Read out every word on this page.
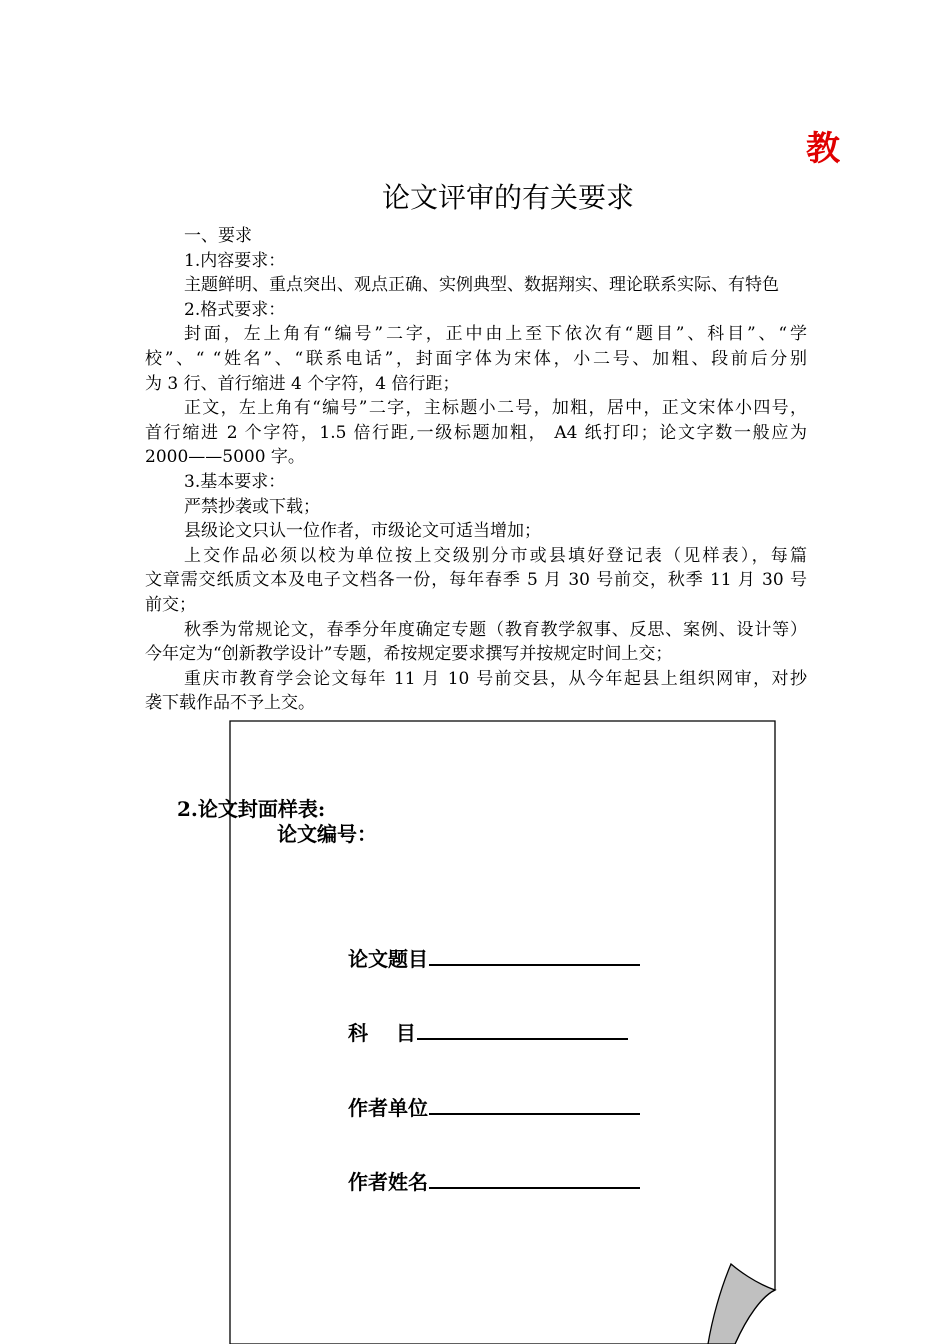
教
论文评审的有关要求

一、要求

1.内容要求：

主题鲜明、重点突出、观点正确、实例典型、数据翔实、理论联系实际、有特色

2.格式要求：

封面，左上角有“编号”二字，正中由上至下依次有“题目”、科目”、“学

校”、“ “姓名”、“联系电话”，封面字体为宋体，小二号、加粗、段前后分别

为 3 行、首行缩进 4 个字符，4 倍行距；

正文，左上角有“编号”二字，主标题小二号，加粗，居中，正文宋体小四号，

首行缩进 2 个字符，1.5 倍行距,一级标题加粗， A4 纸打印；论文字数一般应为

2000——5000 字。

3.基本要求：

严禁抄袭或下载；

县级论文只认一位作者，市级论文可适当增加；

上交作品必须以校为单位按上交级别分市或县填好登记表（见样表），每篇

文章需交纸质文本及电子文档各一份，每年春季 5 月 30 号前交，秋季 11 月 30 号

前交；

秋季为常规论文，春季分年度确定专题（教育教学叙事、反思、案例、设计等）

今年定为“创新教学设计”专题，希按规定要求撰写并按规定时间上交；

重庆市教育学会论文每年 11 月 10 号前交县，从今年起县上组织网审，对抄

袭下载作品不予上交。

2.论文封面样表:
论文编号：
论文题目
科    目
作者单位
作者姓名
